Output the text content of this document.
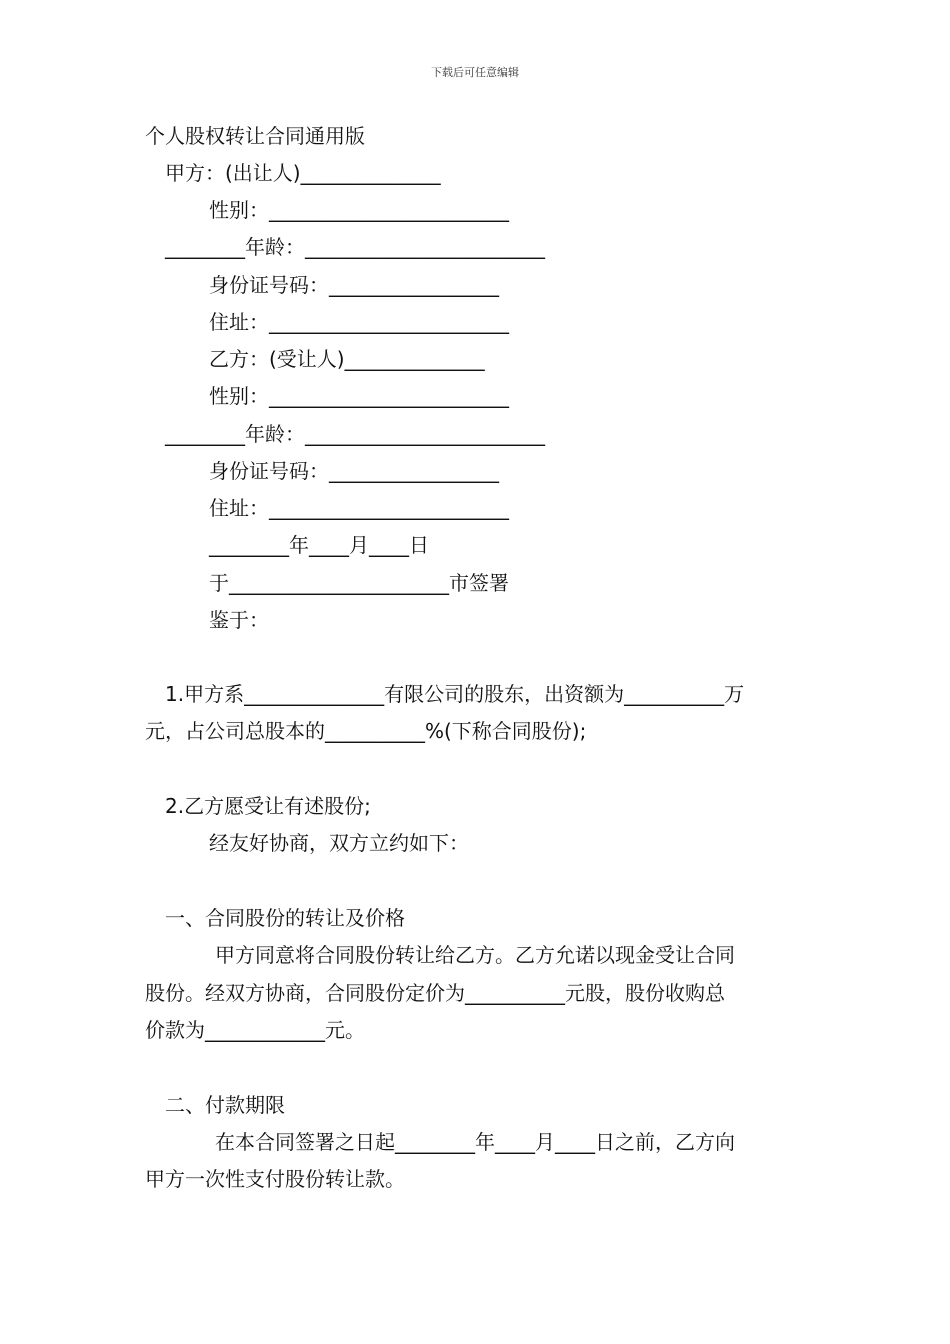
下载后可任意编辑
个人股权转让合同通用版
甲方：(出让人)______________
性别：________________________
________年龄：________________________
身份证号码：_________________
住址：________________________
乙方：(受让人)______________
性别：________________________
________年龄：________________________
身份证号码：_________________
住址：________________________
________年____月____日
于______________________市签署
鉴于：
1.甲方系______________有限公司的股东，出资额为__________万
元，占公司总股本的__________%(下称合同股份);
2.乙方愿受让有述股份;
经友好协商，双方立约如下：
一、合同股份的转让及价格
甲方同意将合同股份转让给乙方。乙方允诺以现金受让合同
股份。经双方协商，合同股份定价为__________元股，股份收购总
价款为____________元。
二、付款期限
在本合同签署之日起________年____月____日之前，乙方向
甲方一次性支付股份转让款。
